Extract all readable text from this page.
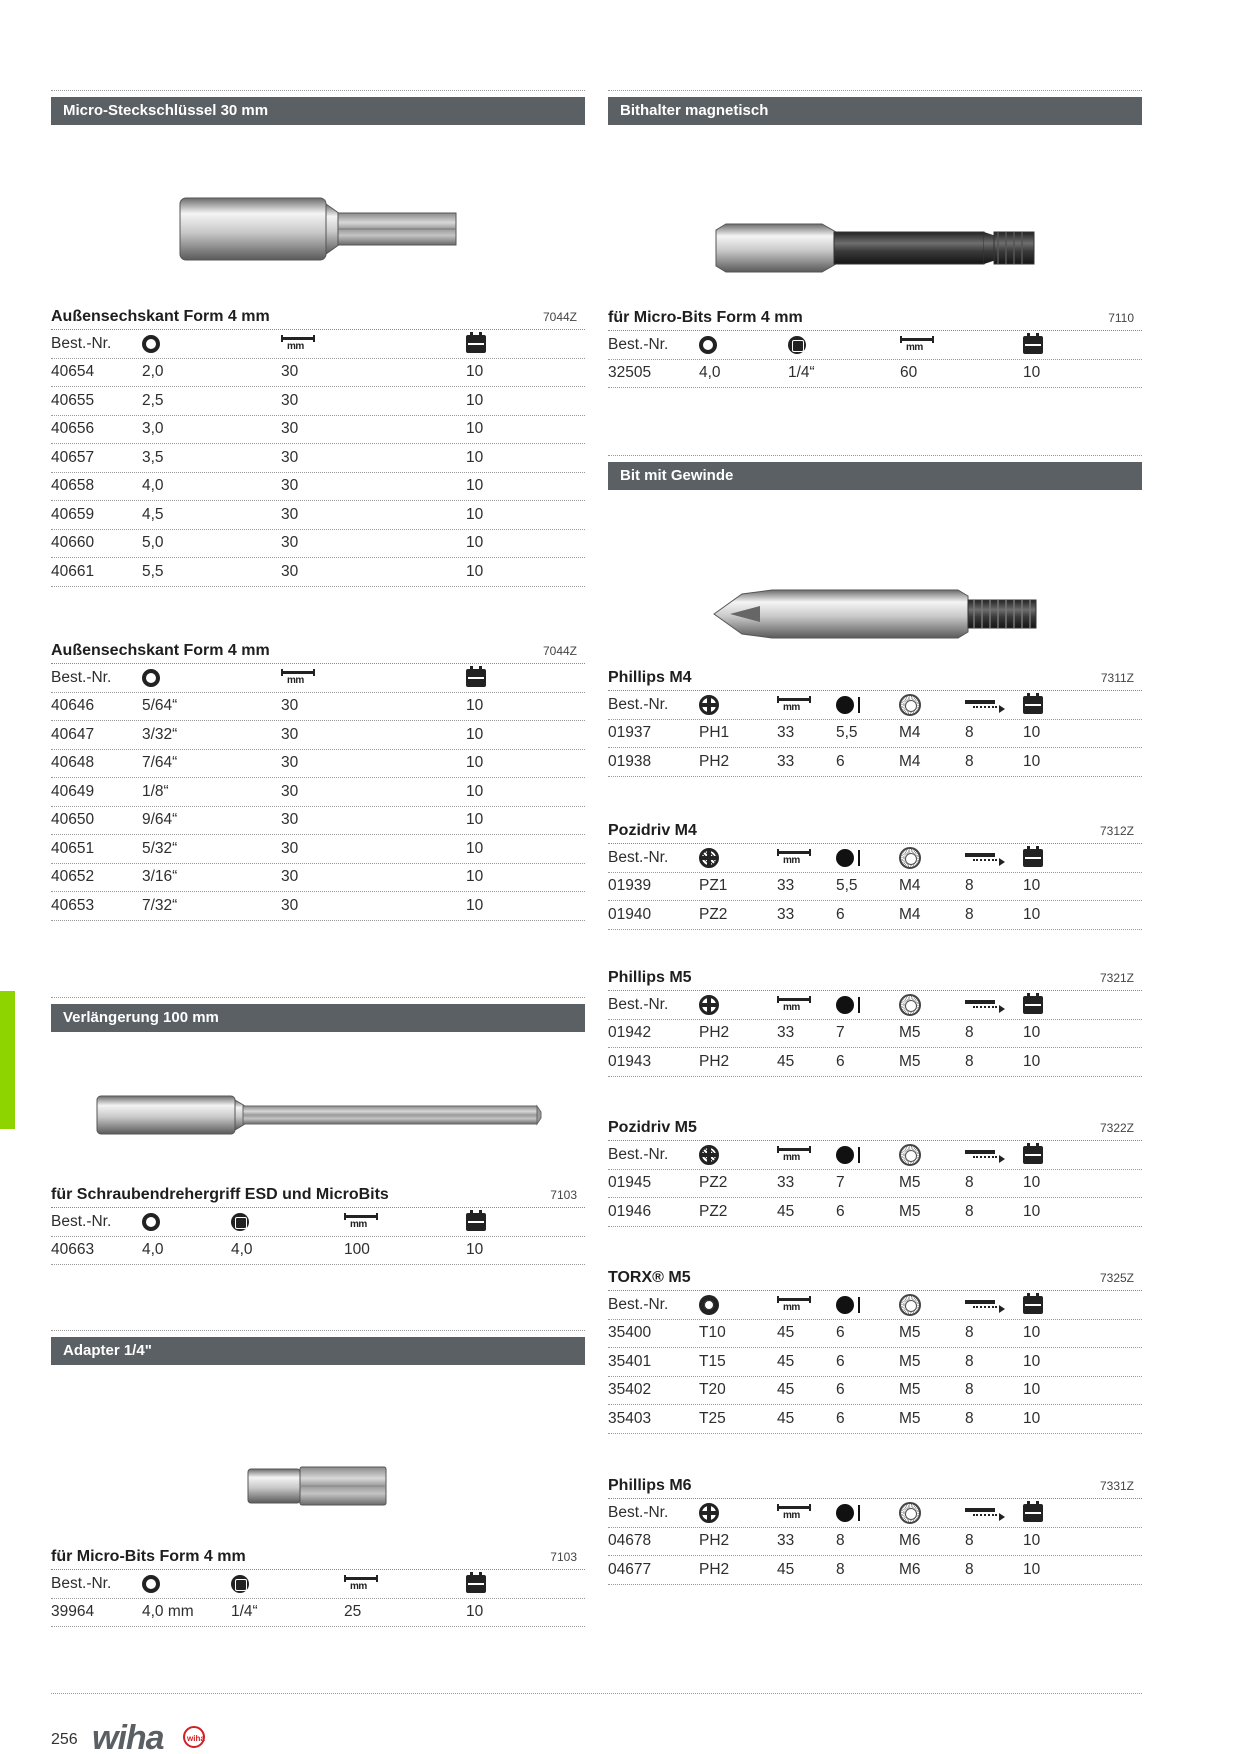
Micro-Steckschlüssel 30 mm
Außensechskant Form 4 mm	7044Z
Best.-Nr.	mm
40654	2,0	30	10
40655	2,5	30	10
40656	3,0	30	10
40657	3,5	30	10
40658	4,0	30	10
40659	4,5	30	10
40660	5,0	30	10
40661	5,5	30	10
Außensechskant Form 4 mm	7044Z
Best.-Nr.	mm
40646	5/64“	30	10
40647	3/32“	30	10
40648	7/64“	30	10
40649	1/8“	30	10
40650	9/64“	30	10
40651	5/32“	30	10
40652	3/16“	30	10
40653	7/32“	30	10
Verlängerung 100 mm
für Schraubendrehergriff ESD und MicroBits	7103
Best.-Nr.	mm
40663	4,0	4,0	100	10
Adapter 1/4"
für Micro-Bits Form 4 mm	7103
Best.-Nr.	mm
39964	4,0 mm	1/4“	25	10
Bithalter magnetisch
für Micro-Bits Form 4 mm	7110
Best.-Nr.	mm
32505	4,0	1/4“	60	10
Bit mit Gewinde
Phillips M4	7311Z
Best.-Nr.	mm
01937	PH1	33	5,5	M4	8	10
01938	PH2	33	6	M4	8	10
Pozidriv M4	7312Z
Best.-Nr.	mm
01939	PZ1	33	5,5	M4	8	10
01940	PZ2	33	6	M4	8	10
Phillips M5	7321Z
Best.-Nr.	mm
01942	PH2	33	7	M5	8	10
01943	PH2	45	6	M5	8	10
Pozidriv M5	7322Z
Best.-Nr.	mm
01945	PZ2	33	7	M5	8	10
01946	PZ2	45	6	M5	8	10
TORX® M5	7325Z
Best.-Nr.	mm
35400	T10	45	6	M5	8	10
35401	T15	45	6	M5	8	10
35402	T20	45	6	M5	8	10
35403	T25	45	6	M5	8	10
Phillips M6	7331Z
Best.-Nr.	mm
04678	PH2	33	8	M6	8	10
04677	PH2	45	8	M6	8	10
256 wiha	wiha
